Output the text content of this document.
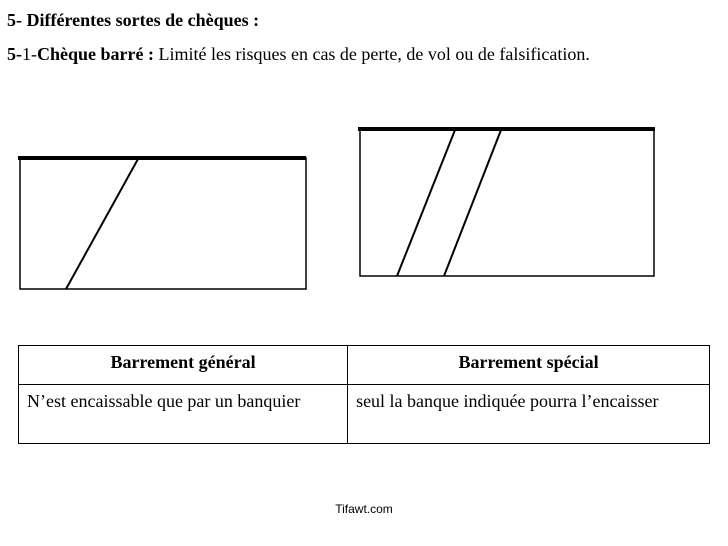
5- Différentes sortes de chèques :
5-1-Chèque barré : Limité les risques en cas de perte, de vol ou de falsification.
Barrement général	Barrement spécial
N’est encaissable que par un banquier	seul la banque indiquée pourra l’encaisser
Tifawt.com
